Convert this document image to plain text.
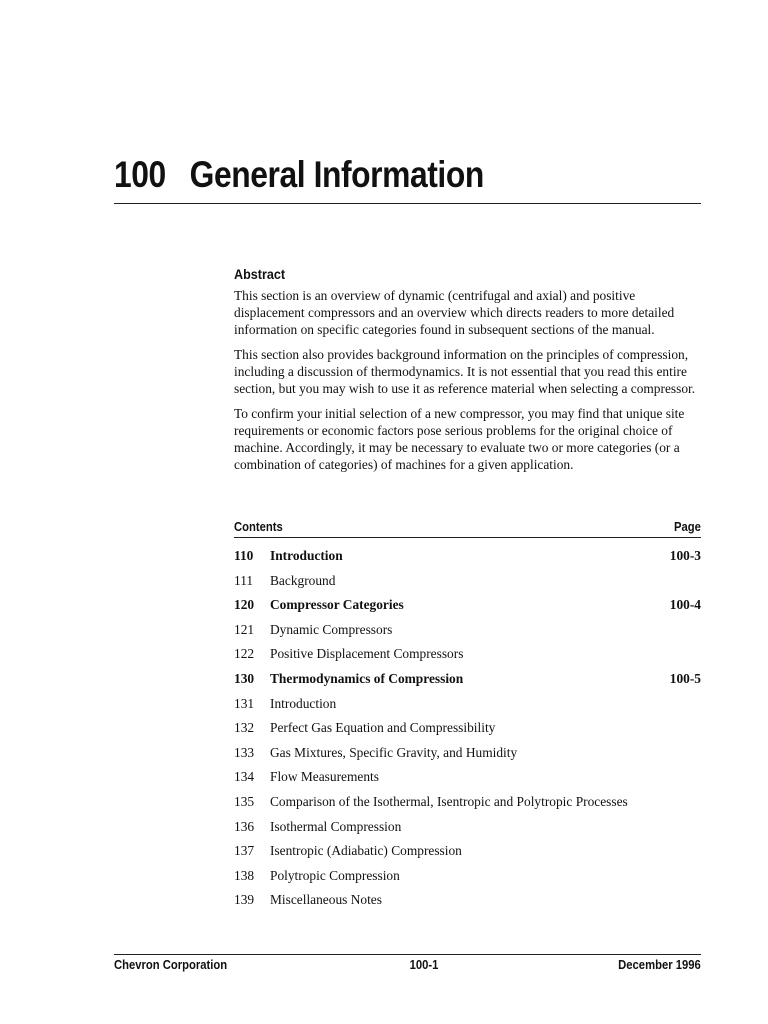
100 General Information
Abstract

This section is an overview of dynamic (centrifugal and axial) and positive displacement compressors and an overview which directs readers to more detailed information on specific categories found in subsequent sections of the manual.

This section also provides background information on the principles of compression, including a discussion of thermodynamics. It is not essential that you read this entire section, but you may wish to use it as reference material when selecting a compressor.

To confirm your initial selection of a new compressor, you may find that unique site requirements or economic factors pose serious problems for the original choice of machine. Accordingly, it may be necessary to evaluate two or more categories (or a combination of categories) of machines for a given application.

Contents	Page
110	Introduction	100-3
111	Background
120	Compressor Categories	100-4
121	Dynamic Compressors
122	Positive Displacement Compressors
130	Thermodynamics of Compression	100-5
131	Introduction
132	Perfect Gas Equation and Compressibility
133	Gas Mixtures, Specific Gravity, and Humidity
134	Flow Measurements
135	Comparison of the Isothermal, Isentropic and Polytropic Processes
136	Isothermal Compression
137	Isentropic (Adiabatic) Compression
138	Polytropic Compression
139	Miscellaneous Notes
Chevron Corporation	100-1	December 1996
